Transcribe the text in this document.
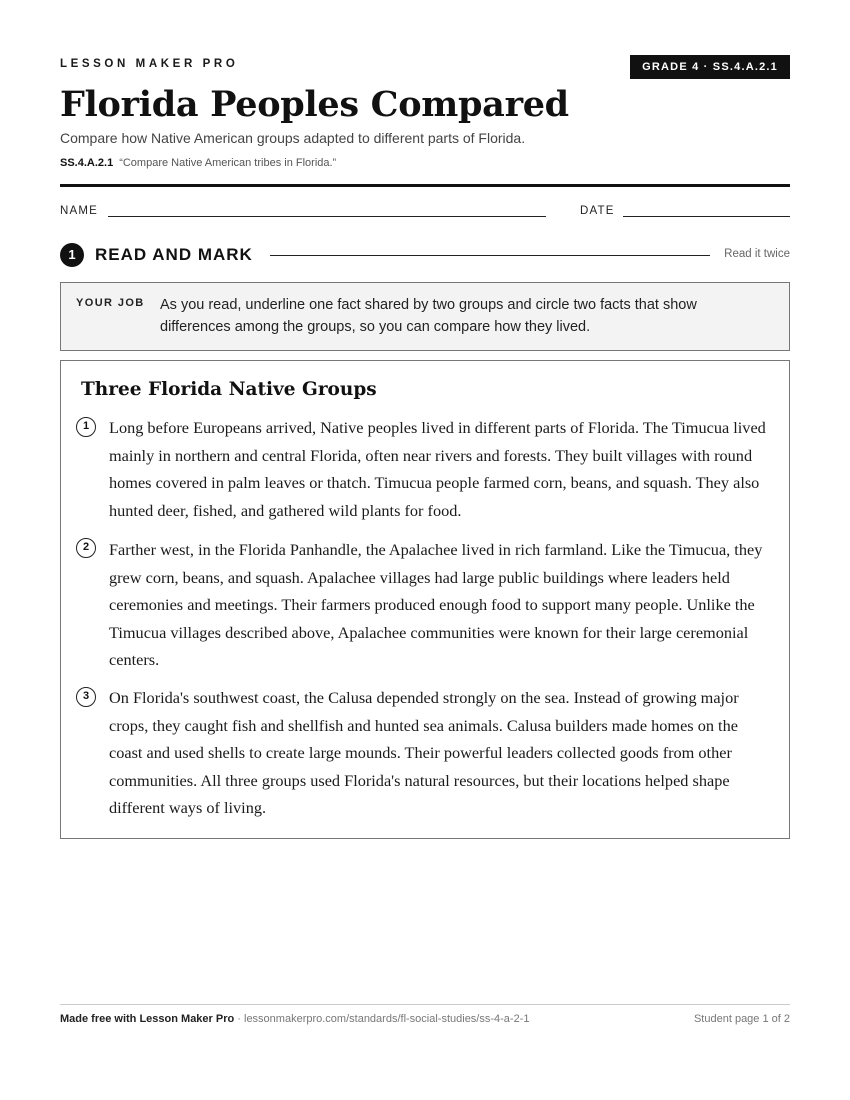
LESSON MAKER PRO	GRADE 4 · SS.4.A.2.1
Florida Peoples Compared
Compare how Native American groups adapted to different parts of Florida.
SS.4.A.2.1 “Compare Native American tribes in Florida.”
NAME	DATE
1	READ AND MARK	Read it twice
YOUR JOB As you read, underline one fact shared by two groups and circle two facts that show differences among the groups, so you can compare how they lived.
Three Florida Native Groups
1	Long before Europeans arrived, Native peoples lived in different parts of Florida. The Timucua lived mainly in northern and central Florida, often near rivers and forests. They built villages with round homes covered in palm leaves or thatch. Timucua people farmed corn, beans, and squash. They also hunted deer, fished, and gathered wild plants for food.
2	Farther west, in the Florida Panhandle, the Apalachee lived in rich farmland. Like the Timucua, they grew corn, beans, and squash. Apalachee villages had large public buildings where leaders held ceremonies and meetings. Their farmers produced enough food to support many people. Unlike the Timucua villages described above, Apalachee communities were known for their large ceremonial centers.
3	On Florida's southwest coast, the Calusa depended strongly on the sea. Instead of growing major crops, they caught fish and shellfish and hunted sea animals. Calusa builders made homes on the coast and used shells to create large mounds. Their powerful leaders collected goods from other communities. All three groups used Florida's natural resources, but their locations helped shape different ways of living.
Made free with Lesson Maker Pro · lessonmakerpro.com/standards/fl-social-studies/ss-4-a-2-1	Student page 1 of 2
